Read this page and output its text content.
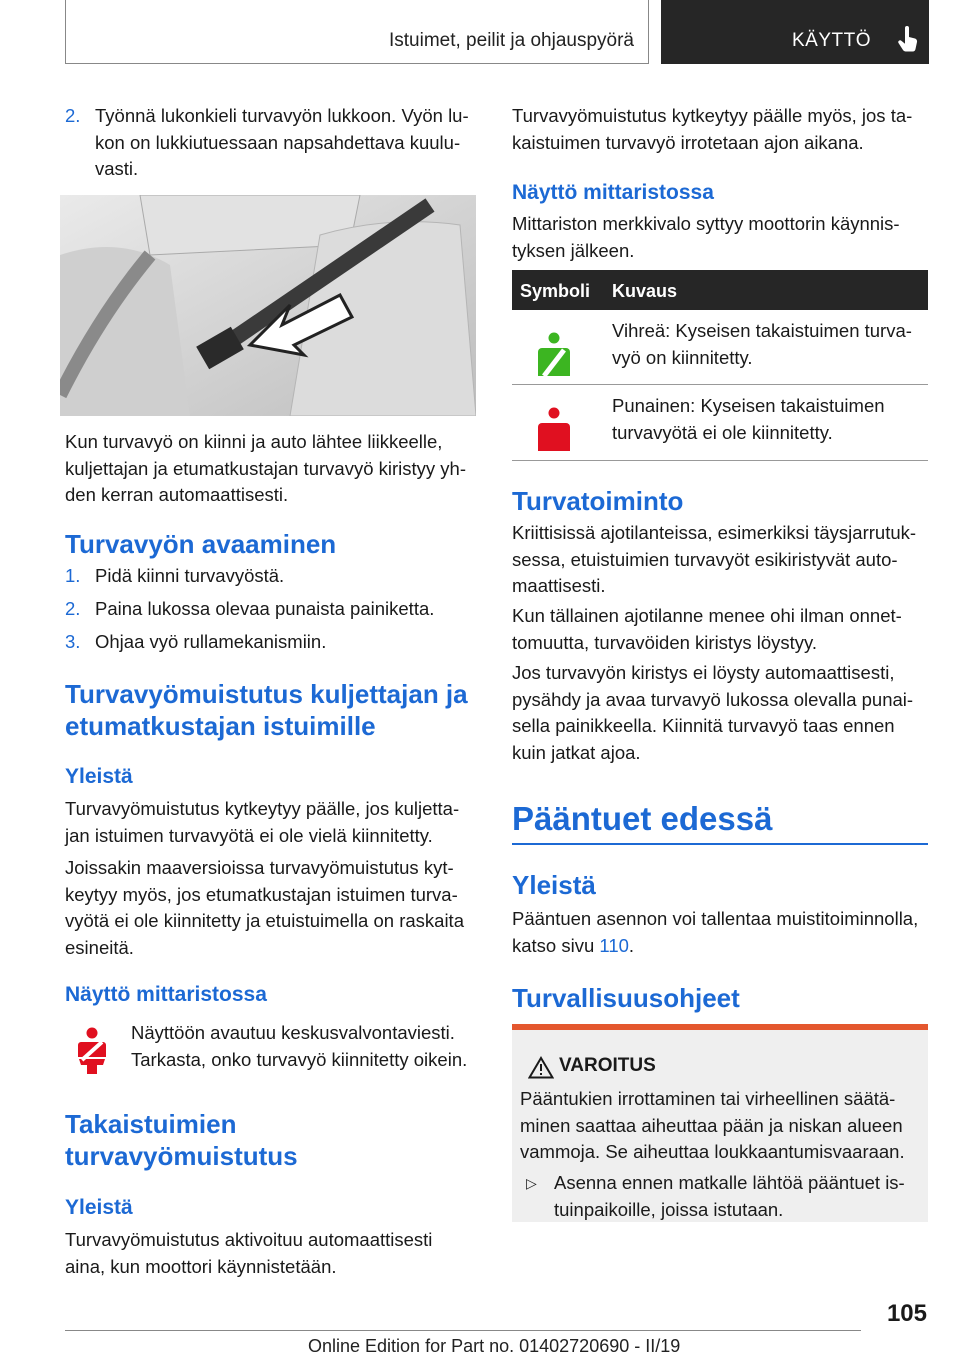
Istuimet, peilit ja ohjauspyörä	KÄYTTÖ
2. Työnnä lukonkieli turvavyön lukkoon. Vyön lu‐
kon on lukkiutuessaan napsahdettava kuulu‐
vasti.
Kun turvavyö on kiinni ja auto lähtee liikkeelle,
kuljettajan ja etumatkustajan turvavyö kiristyy yh‐
den kerran automaattisesti.
Turvavyön avaaminen
1. Pidä kiinni turvavyöstä.
2. Paina lukossa olevaa punaista painiketta.
3. Ohjaa vyö rullamekanismiin.
Turvavyömuistutus kuljettajan ja
etumatkustajan istuimille
Yleistä
Turvavyömuistutus kytkeytyy päälle, jos kuljetta‐
jan istuimen turvavyötä ei ole vielä kiinnitetty.
Joissakin maaversioissa turvavyömuistutus kyt‐
keytyy myös, jos etumatkustajan istuimen turva‐
vyötä ei ole kiinnitetty ja etuistuimella on raskaita
esineitä.
Näyttö mittaristossa
Näyttöön avautuu keskusvalvontaviesti.
Tarkasta, onko turvavyö kiinnitetty oikein.
Takaistuimien
turvavyömuistutus
Yleistä
Turvavyömuistutus aktivoituu automaattisesti
aina, kun moottori käynnistetään.
Turvavyömuistutus kytkeytyy päälle myös, jos ta‐
kaistuimen turvavyö irrotetaan ajon aikana.
Näyttö mittaristossa
Mittariston merkkivalo syttyy moottorin käynnis‐
tyksen jälkeen.
Symboli Kuvaus
Vihreä: Kyseisen takaistuimen turva‐
vyö on kiinnitetty.
Punainen: Kyseisen takaistuimen
turvavyötä ei ole kiinnitetty.
Turvatoiminto
Kriittisissä ajotilanteissa, esimerkiksi täysjarrutuk‐
sessa, etuistuimien turvavyöt esikiristyvät auto‐
maattisesti.
Kun tällainen ajotilanne menee ohi ilman onnet‐
tomuutta, turvavöiden kiristys löystyy.
Jos turvavyön kiristys ei löysty automaattisesti,
pysähdy ja avaa turvavyö lukossa olevalla punai‐
sella painikkeella. Kiinnitä turvavyö taas ennen
kuin jatkat ajoa.
Pääntuet edessä
Yleistä
Pääntuen asennon voi tallentaa muistitoiminnolla,
katso sivu 110.
Turvallisuusohjeet
VAROITUS
Pääntukien irrottaminen tai virheellinen säätä‐
minen saattaa aiheuttaa pään ja niskan alueen
vammoja. Se aiheuttaa loukkaantumisvaaraan.
▷ Asenna ennen matkalle lähtöä pääntuet is‐
tuinpaikoille, joissa istutaan.
105
Online Edition for Part no. 01402720690 - II/19
